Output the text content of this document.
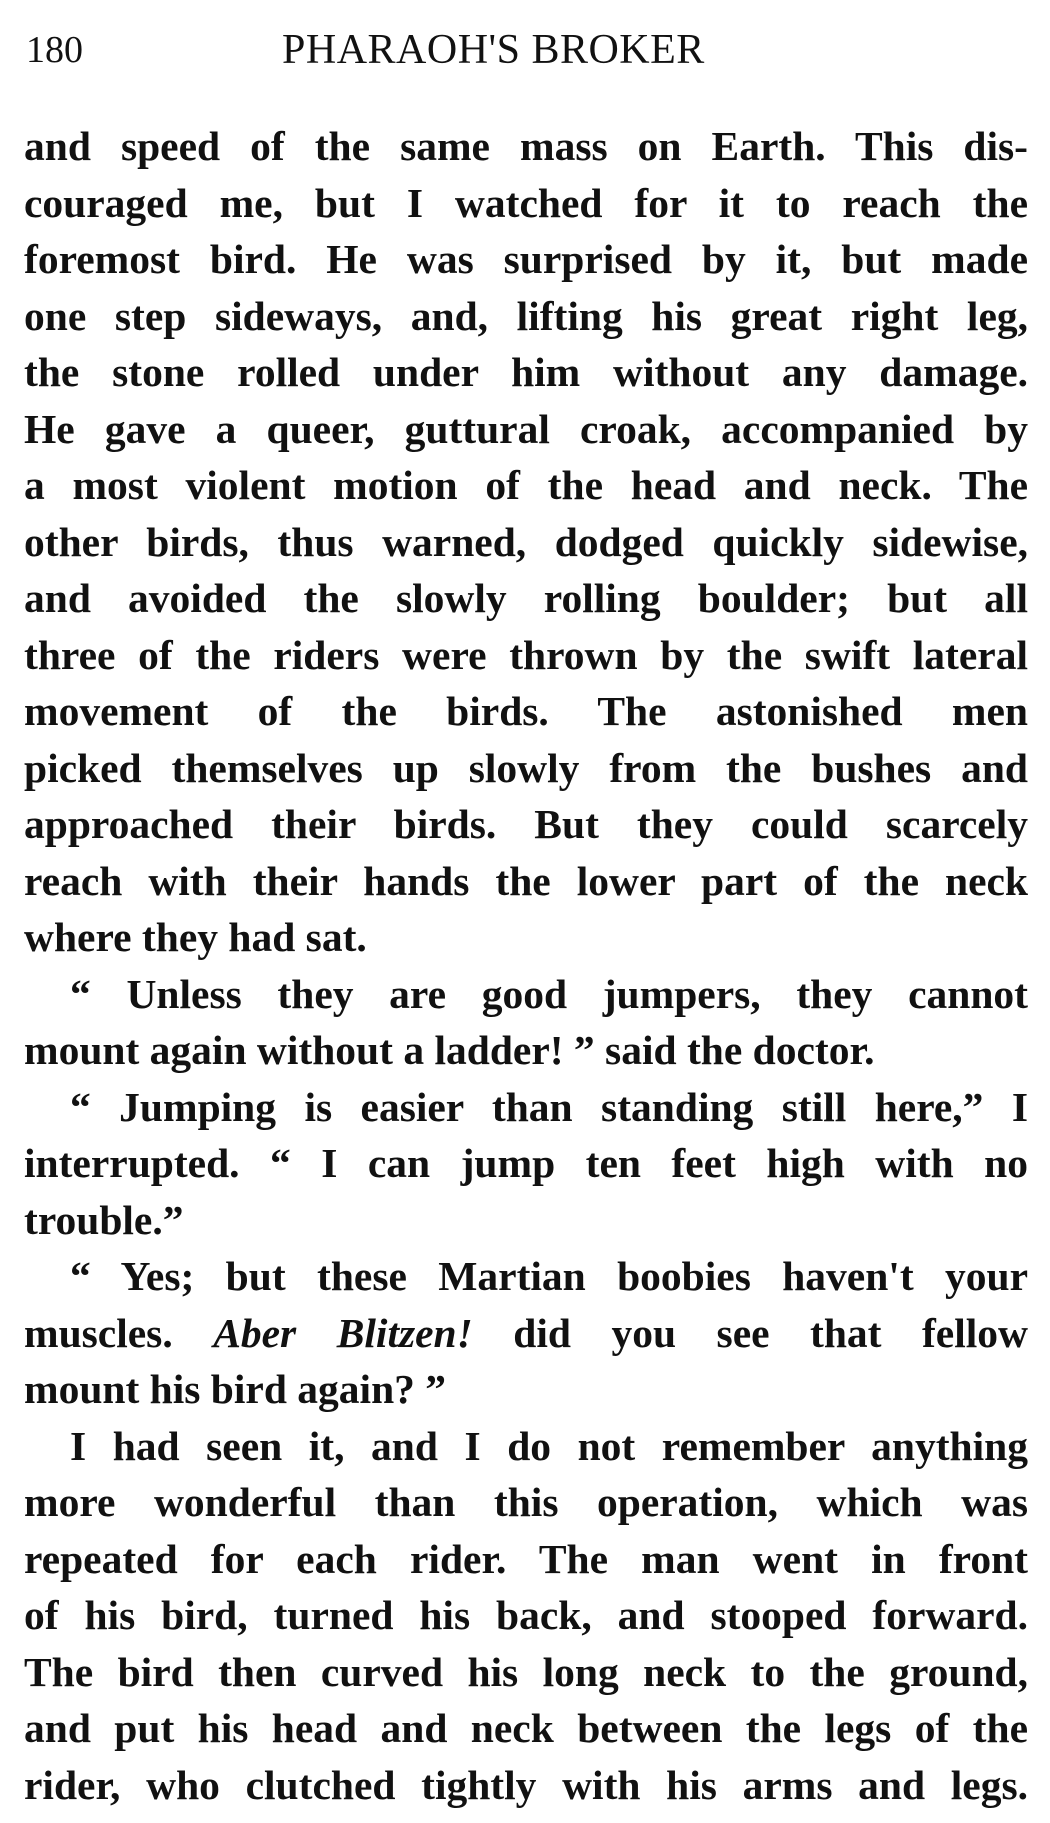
180	PHARAOH'S BROKER
and speed of the same mass on Earth. This dis-
couraged me, but I watched for it to reach the
foremost bird. He was surprised by it, but made
one step sideways, and, lifting his great right leg,
the stone rolled under him without any damage.
He gave a queer, guttural croak, accompanied by
a most violent motion of the head and neck. The
other birds, thus warned, dodged quickly sidewise,
and avoided the slowly rolling boulder; but all
three of the riders were thrown by the swift lateral
movement of the birds. The astonished men
picked themselves up slowly from the bushes and
approached their birds. But they could scarcely
reach with their hands the lower part of the neck
where they had sat.
“ Unless they are good jumpers, they cannot
mount again without a ladder! ” said the doctor.
“ Jumping is easier than standing still here,” I
interrupted. “ I can jump ten feet high with no
trouble.”
“ Yes; but these Martian boobies haven't your
muscles. Aber Blitzen! did you see that fellow
mount his bird again? ”
I had seen it, and I do not remember anything
more wonderful than this operation, which was
repeated for each rider. The man went in front
of his bird, turned his back, and stooped forward.
The bird then curved his long neck to the ground,
and put his head and neck between the legs of the
rider, who clutched tightly with his arms and legs.
